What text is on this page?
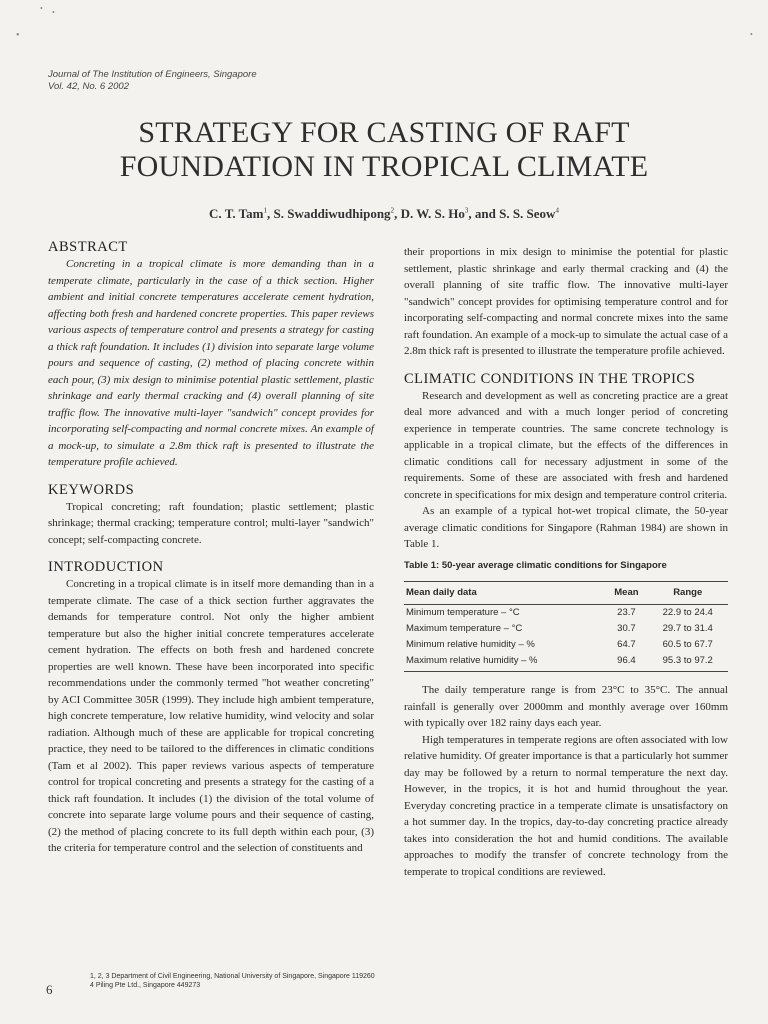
• •
•	•
Journal of The Institution of Engineers, Singapore
Vol. 42, No. 6 2002
STRATEGY FOR CASTING OF RAFT
FOUNDATION IN TROPICAL CLIMATE
C. T. Tam$^1$, S. Swaddiwudhipong$^2$, D. W. S. Ho$^3$, and S. S. Seow$^4$
ABSTRACT

Concreting in a tropical climate is more demanding than in a temperate climate, particularly in the case of a thick section. Higher ambient and initial concrete temperatures accelerate cement hydration, affecting both fresh and hardened concrete properties. This paper reviews various aspects of temperature control and presents a strategy for casting a thick raft foundation. It includes (1) division into separate large volume pours and sequence of casting, (2) method of placing concrete within each pour, (3) mix design to minimise potential plastic settlement, plastic shrinkage and early thermal cracking and (4) overall planning of site traffic flow. The innovative multi-layer "sandwich" concept provides for incorporating self-compacting and normal concrete mixes. An example of a mock-up, to simulate a 2.8m thick raft is presented to illustrate the temperature profile achieved.

KEYWORDS

Tropical concreting; raft foundation; plastic settlement; plastic shrinkage; thermal cracking; temperature control; multi-layer "sandwich" concept; self-compacting concrete.

INTRODUCTION

Concreting in a tropical climate is in itself more demanding than in a temperate climate. The case of a thick section further aggravates the demands for temperature control. Not only the higher ambient temperature but also the higher initial concrete temperatures accelerate cement hydration. The effects on both fresh and hardened concrete properties are well known. These have been incorporated into specific recommendations under the commonly termed "hot weather concreting" by ACI Committee 305R (1999). They include high ambient temperature, high concrete temperature, low relative humidity, wind velocity and solar radiation. Although much of these are applicable for tropical concreting practice, they need to be tailored to the differences in climatic conditions (Tam et al 2002). This paper reviews various aspects of temperature control for tropical concreting and presents a strategy for the casting of a thick raft foundation. It includes (1) the division of the total volume of concrete into separate large volume pours and their sequence of casting, (2) the method of placing concrete to its full depth within each pour, (3) the criteria for temperature control and the selection of constituents and

their proportions in mix design to minimise the potential for plastic settlement, plastic shrinkage and early thermal cracking and (4) the overall planning of site traffic flow. The innovative multi-layer "sandwich" concept provides for optimising temperature control and for incorporating self-compacting and normal concrete mixes into the same raft foundation. An example of a mock-up to simulate the actual case of a 2.8m thick raft is presented to illustrate the temperature profile achieved.

CLIMATIC CONDITIONS IN THE TROPICS

Research and development as well as concreting practice are a great deal more advanced and with a much longer period of concreting experience in temperate countries. The same concrete technology is applicable in a tropical climate, but the effects of the differences in climatic conditions call for necessary adjustment in some of the requirements. Some of these are associated with fresh and hardened concrete in specifications for mix design and temperature control criteria.

As an example of a typical hot-wet tropical climate, the 50-year average climatic conditions for Singapore (Rahman 1984) are shown in Table 1.

Table 1: 50-year average climatic conditions for Singapore
Mean daily data	Mean	Range
Minimum temperature – °C	23.7	22.9 to 24.4
Maximum temperature – °C	30.7	29.7 to 31.4
Minimum relative humidity – %	64.7	60.5 to 67.7
Maximum relative humidity – %	96.4	95.3 to 97.2

The daily temperature range is from 23°C to 35°C. The annual rainfall is generally over 2000mm and monthly average over 160mm with typically over 182 rainy days each year.

High temperatures in temperate regions are often associated with low relative humidity. Of greater importance is that a particularly hot summer day may be followed by a return to normal temperature the next day. However, in the tropics, it is hot and humid throughout the year. Everyday concreting practice in a temperate climate is unsatisfactory on a hot summer day. In the tropics, day-to-day concreting practice already takes into consideration the hot and humid conditions. The available approaches to modify the transfer of concrete technology from the temperate to tropical conditions are reviewed.

1, 2, 3 Department of Civil Engineering, National University of Singapore, Singapore 119260
4 Piling Pte Ltd., Singapore 449273
6
